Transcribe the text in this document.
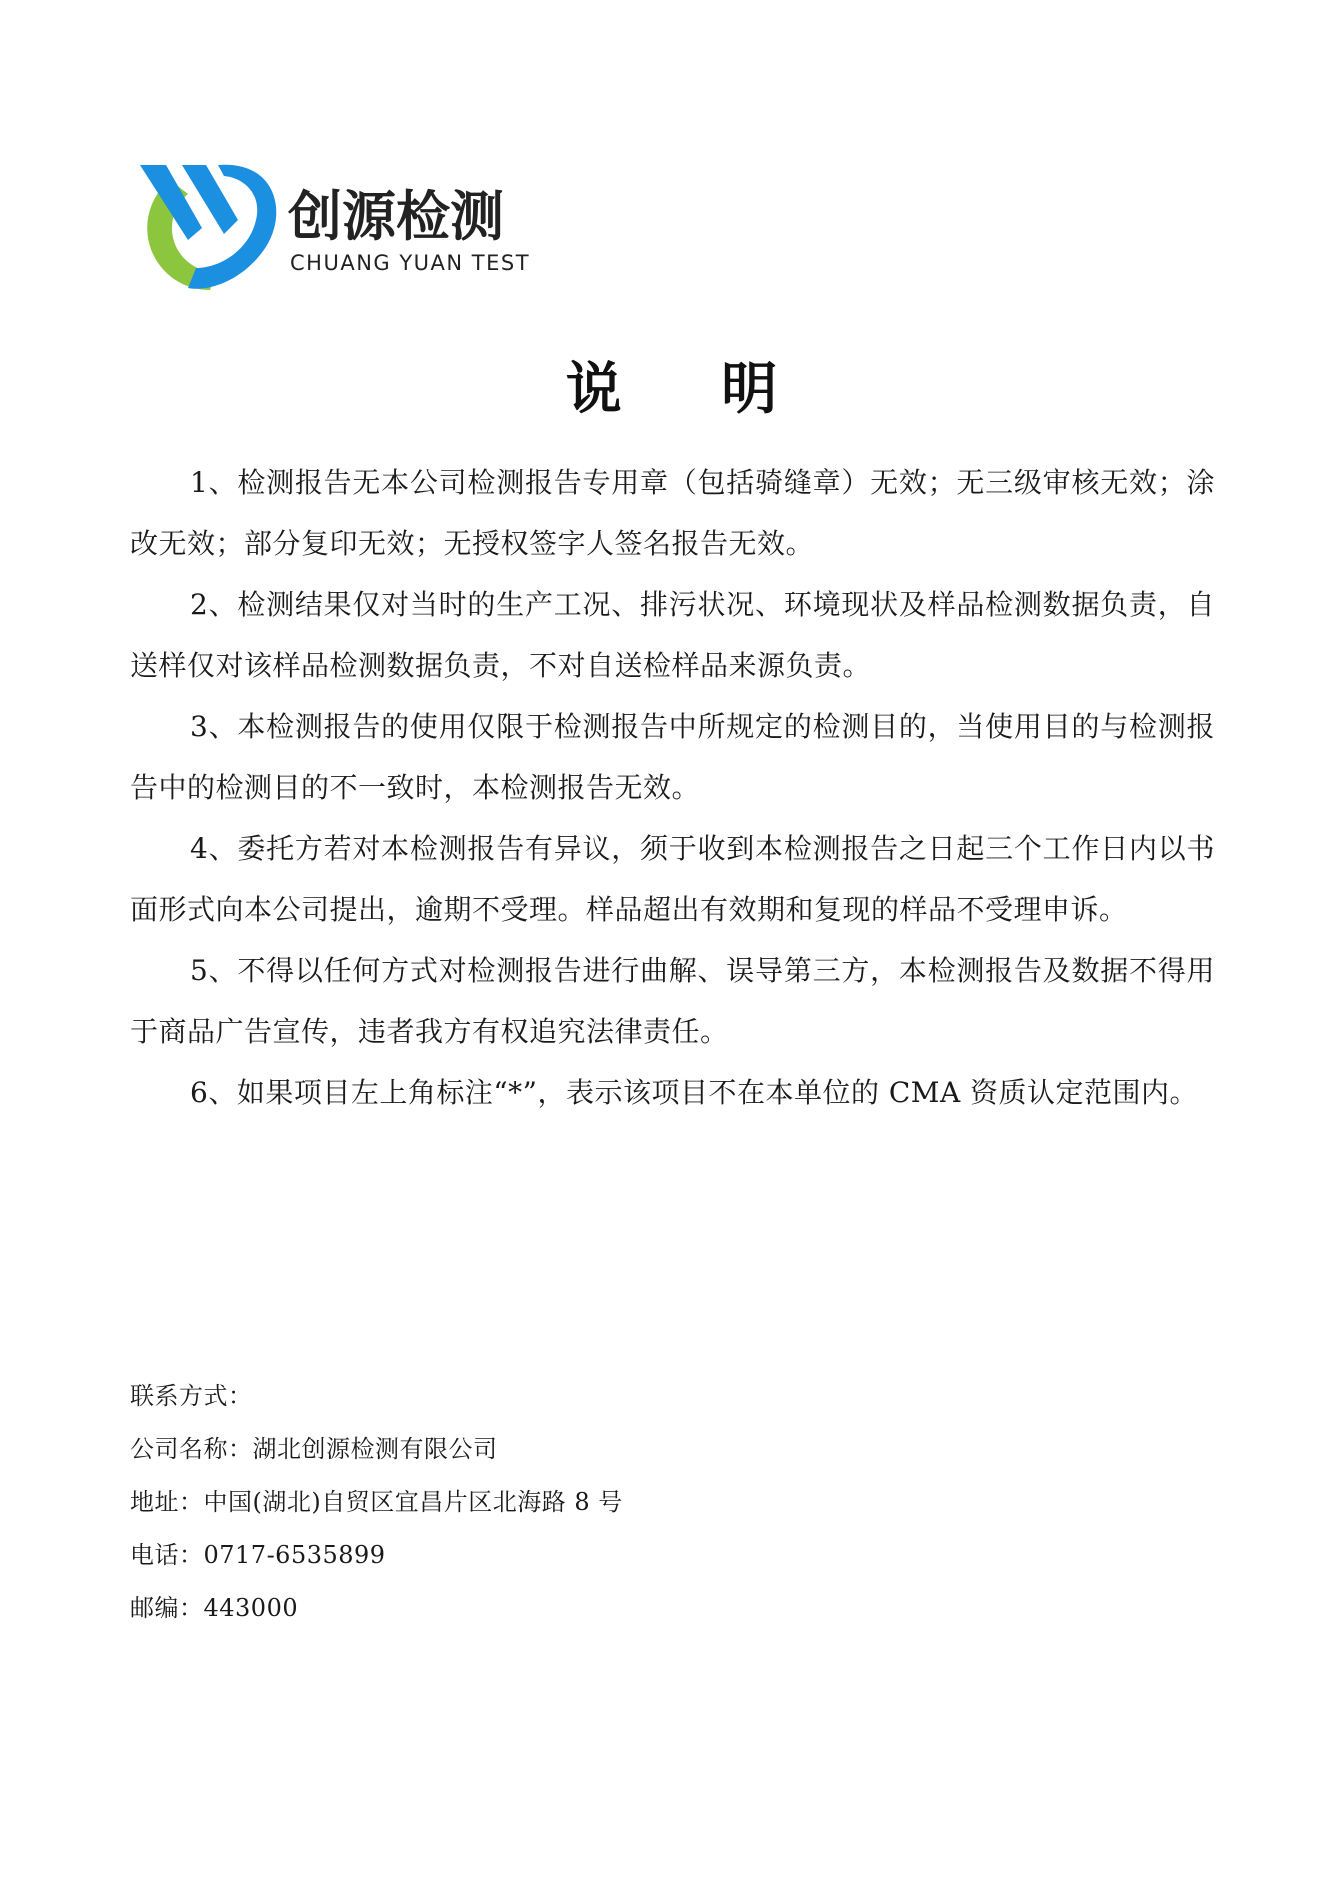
创源检测
CHUANG YUAN TEST
说 明

1、检测报告无本公司检测报告专用章（包括骑缝章）无效；无三级审核无效；涂改无效；部分复印无效；无授权签字人签名报告无效。

2、检测结果仅对当时的生产工况、排污状况、环境现状及样品检测数据负责，自送样仅对该样品检测数据负责，不对自送检样品来源负责。

3、本检测报告的使用仅限于检测报告中所规定的检测目的，当使用目的与检测报告中的检测目的不一致时，本检测报告无效。

4、委托方若对本检测报告有异议，须于收到本检测报告之日起三个工作日内以书面形式向本公司提出，逾期不受理。样品超出有效期和复现的样品不受理申诉。

5、不得以任何方式对检测报告进行曲解、误导第三方，本检测报告及数据不得用于商品广告宣传，违者我方有权追究法律责任。

6、如果项目左上角标注“*”，表示该项目不在本单位的 CMA 资质认定范围内。

联系方式：

公司名称：湖北创源检测有限公司

地址：中国(湖北)自贸区宜昌片区北海路 8 号

电话：0717-6535899

邮编：443000
